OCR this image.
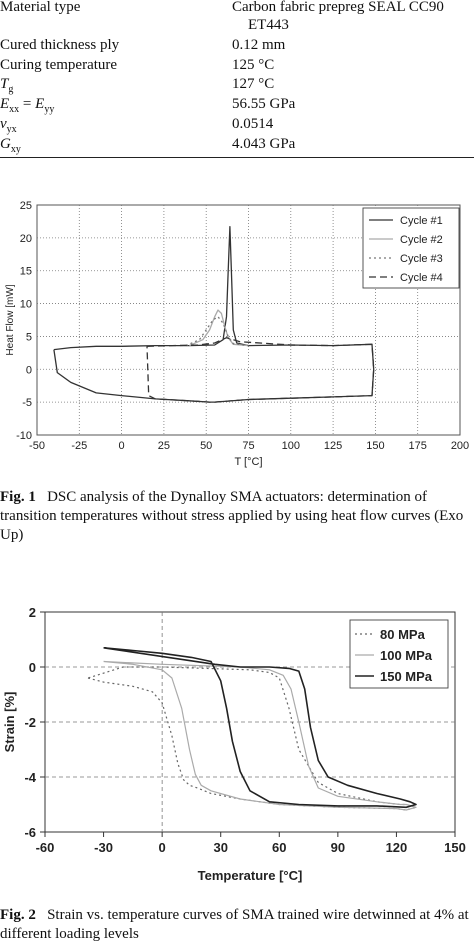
Material type	Carbon fabric prepreg SEAL CC90
ET443
Cured thickness ply	0.12 mm
Curing temperature	125 °C
$T_g$	127 °C
$E_{xx} = E_{yy}$	56.55 GPa
$\nu_{yx}$	0.0514
$G_{xy}$	4.043 GPa
-50 -25	0	25	50	75 100 125 150 175 200
-10
-5
0
5
10
15
20
25
T [°C]
Heat Flow [mW]
Cycle #1
Cycle #2
Cycle #3
Cycle #4
Fig. 1 DSC analysis of the Dynalloy SMA actuators: determination of transition temperatures without stress applied by using heat flow curves (Exo Up)
-60	-30	0	30	60	90	120	150
-6
-4
-2
0
2
Temperature [°C]
Strain [%]
80 MPa
100 MPa
150 MPa
Fig. 2 Strain vs. temperature curves of SMA trained wire detwinned at 4% at different loading levels
